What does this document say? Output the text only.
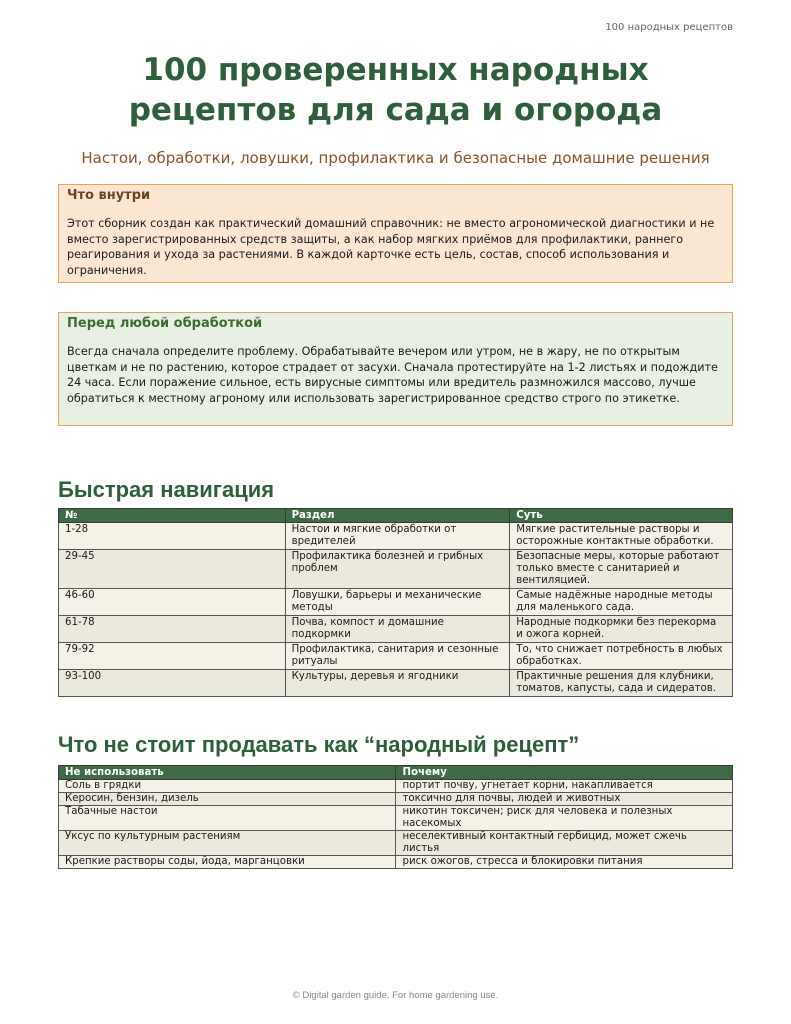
100 народных рецептов
100 проверенных народных
рецептов для сада и огорода
Настои, обработки, ловушки, профилактика и безопасные домашние решения
Что внутри
Этот сборник создан как практический домашний справочник: не вместо агрономической диагностики и не вместо зарегистрированных средств защиты, а как набор мягких приёмов для профилактики, раннего реагирования и ухода за растениями. В каждой карточке есть цель, состав, способ использования и ограничения.
Перед любой обработкой
Всегда сначала определите проблему. Обрабатывайте вечером или утром, не в жару, не по открытым цветкам и не по растению, которое страдает от засухи. Сначала протестируйте на 1-2 листьях и подождите 24 часа. Если поражение сильное, есть вирусные симптомы или вредитель размножился массово, лучше обратиться к местному агроному или использовать зарегистрированное средство строго по этикетке.
Быстрая навигация
№	Раздел	Суть
1-28	Настои и мягкие обработки от вредителей	Мягкие растительные растворы и осторожные контактные обработки.
29-45	Профилактика болезней и грибных проблем	Безопасные меры, которые работают только вместе с санитарией и вентиляцией.
46-60	Ловушки, барьеры и механические методы	Самые надёжные народные методы для маленького сада.
61-78	Почва, компост и домашние подкормки	Народные подкормки без перекорма и ожога корней.
79-92	Профилактика, санитария и сезонные ритуалы	То, что снижает потребность в любых обработках.
93-100	Культуры, деревья и ягодники	Практичные решения для клубники, томатов, капусты, сада и сидератов.
Что не стоит продавать как “народный рецепт”
Не использовать	Почему
Соль в грядки	портит почву, угнетает корни, накапливается
Керосин, бензин, дизель	токсично для почвы, людей и животных
Табачные настои	никотин токсичен; риск для человека и полезных насекомых
Уксус по культурным растениям	неселективный контактный гербицид, может сжечь листья
Крепкие растворы соды, йода, марганцовки	риск ожогов, стресса и блокировки питания
© Digital garden guide. For home gardening use.
